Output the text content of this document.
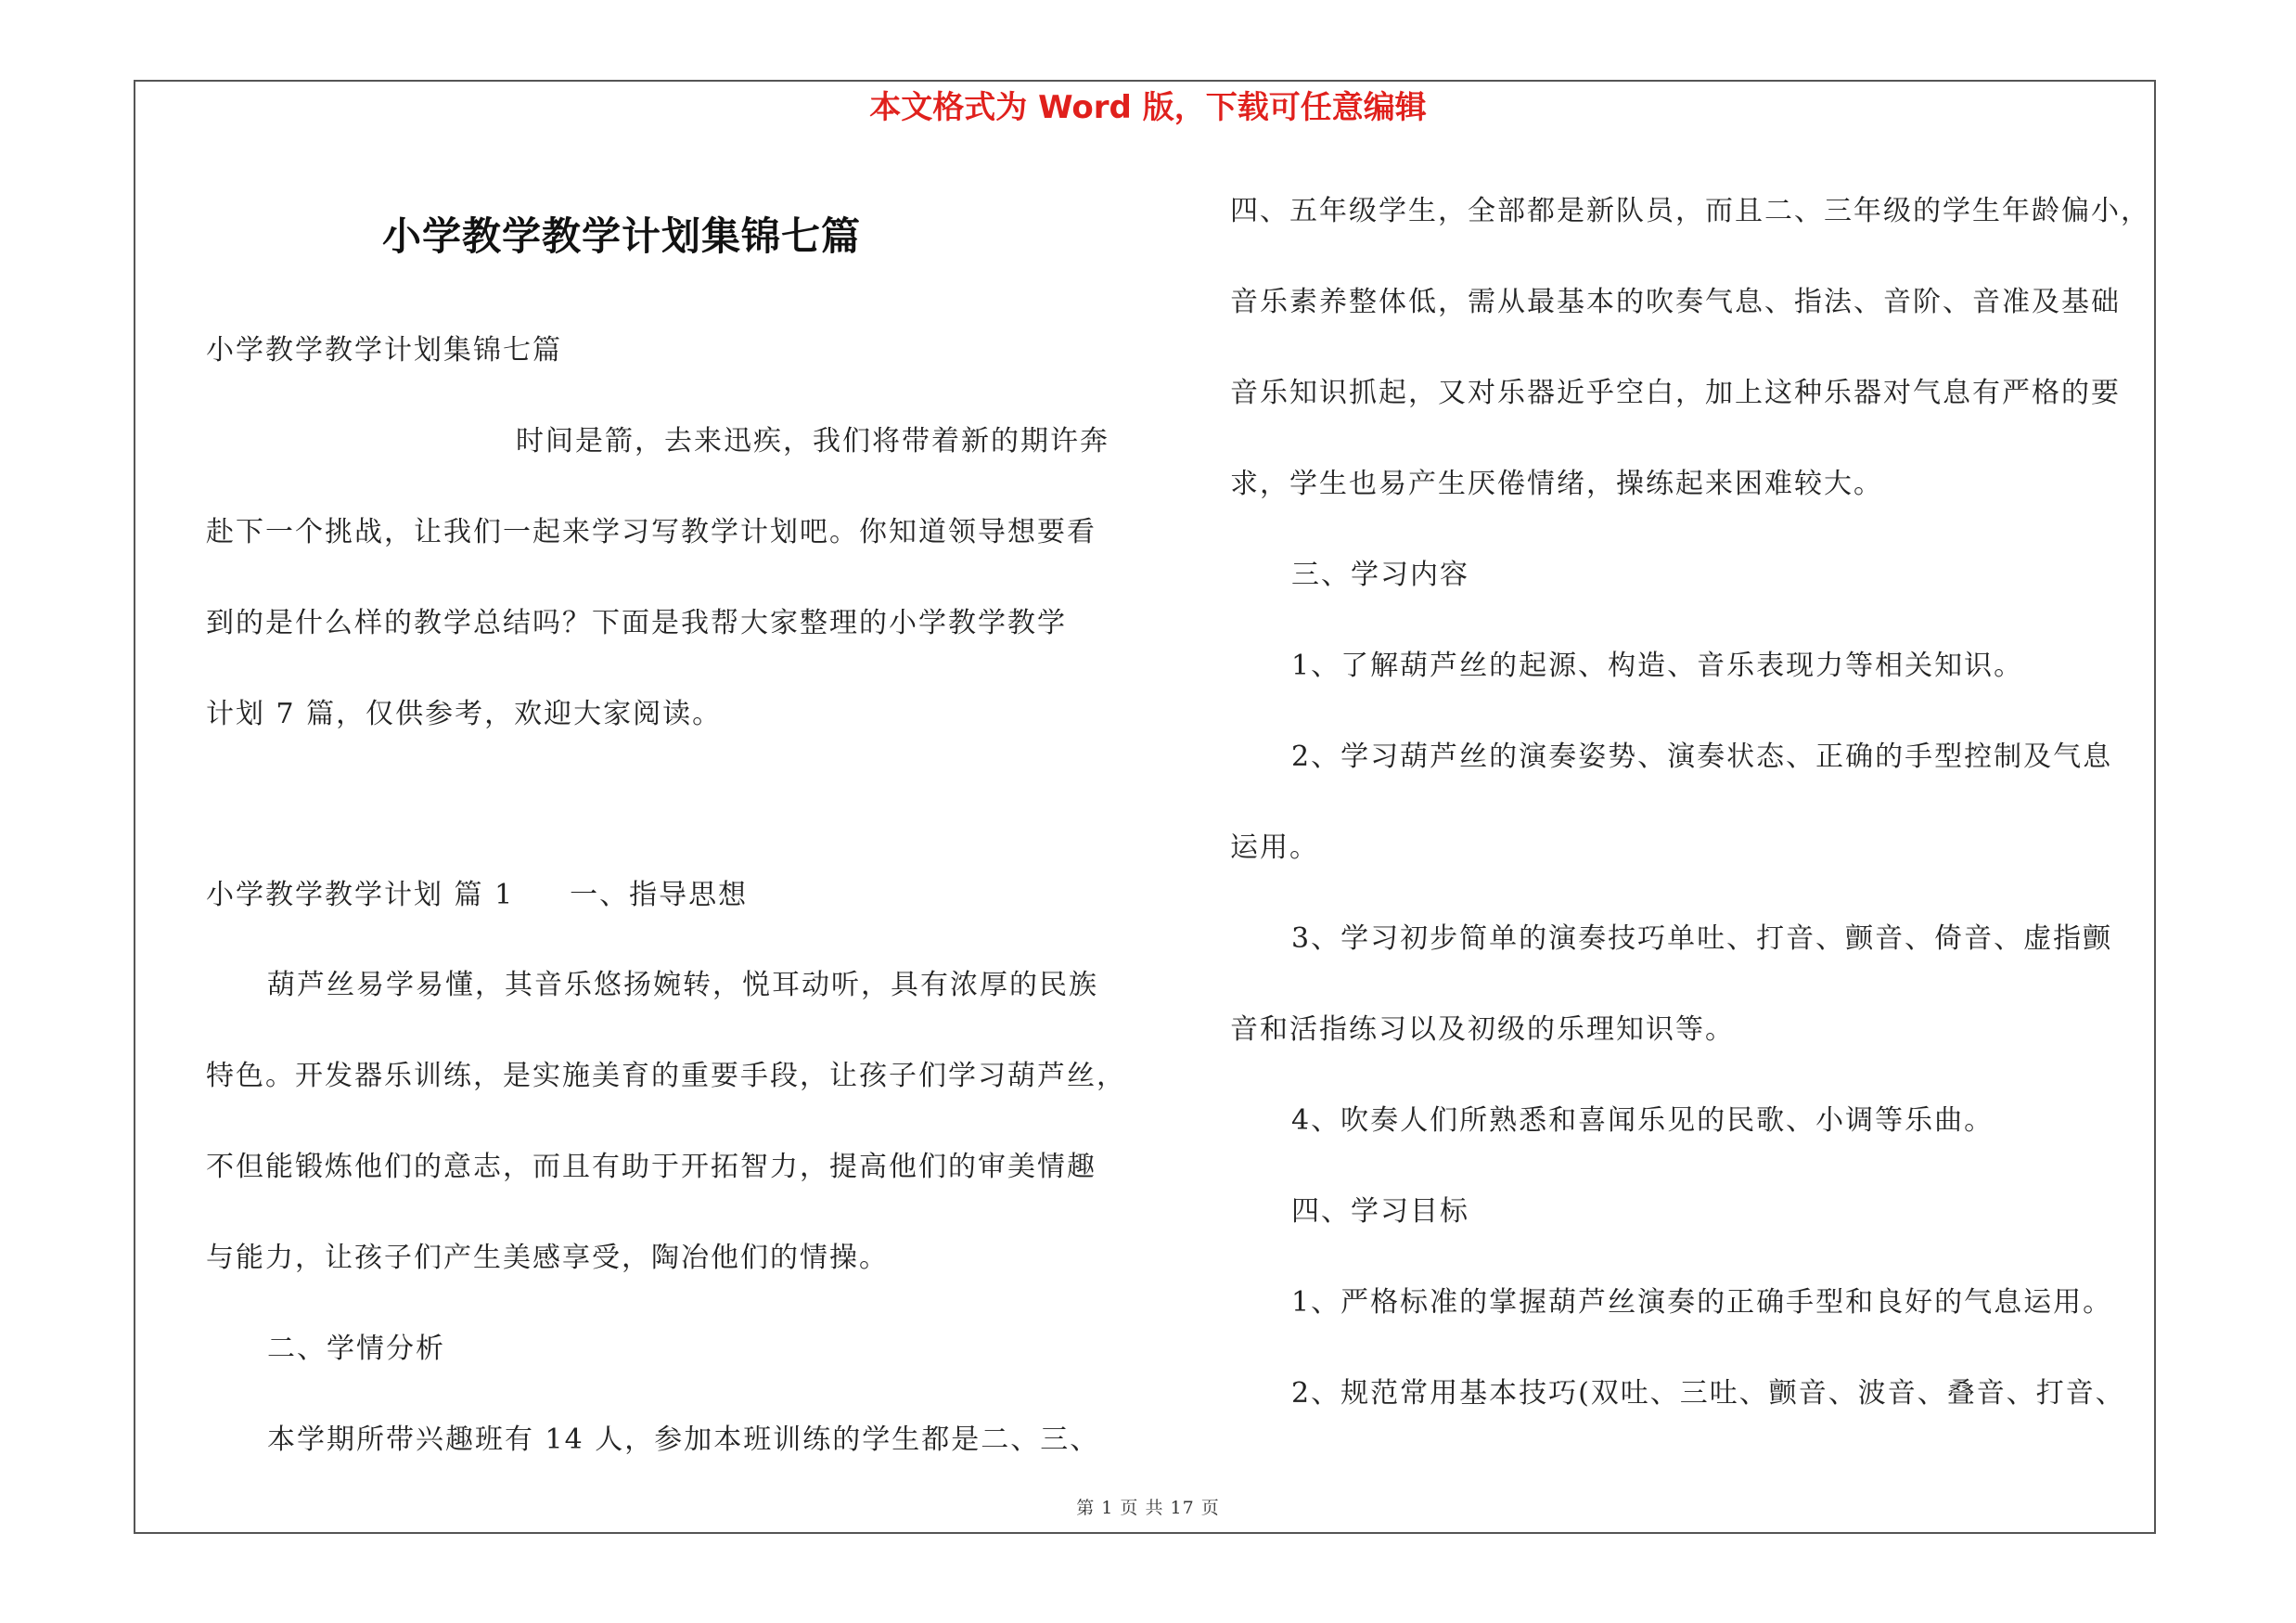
本文格式为 Word 版，下载可任意编辑
小学教学教学计划集锦七篇
小学教学教学计划集锦七篇
时间是箭，去来迅疾，我们将带着新的期许奔
赴下一个挑战，让我们一起来学习写教学计划吧。你知道领导想要看
到的是什么样的教学总结吗？下面是我帮大家整理的小学教学教学
计划 7 篇，仅供参考，欢迎大家阅读。
小学教学教学计划 篇 1 一、指导思想
葫芦丝易学易懂，其音乐悠扬婉转，悦耳动听，具有浓厚的民族
特色。开发器乐训练，是实施美育的重要手段，让孩子们学习葫芦丝，
不但能锻炼他们的意志，而且有助于开拓智力，提高他们的审美情趣
与能力，让孩子们产生美感享受，陶冶他们的情操。
二、学情分析
本学期所带兴趣班有 14 人，参加本班训练的学生都是二、三、
四、五年级学生，全部都是新队员，而且二、三年级的学生年龄偏小，
音乐素养整体低，需从最基本的吹奏气息、指法、音阶、音准及基础
音乐知识抓起，又对乐器近乎空白，加上这种乐器对气息有严格的要
求，学生也易产生厌倦情绪，操练起来困难较大。
三、学习内容
1、了解葫芦丝的起源、构造、音乐表现力等相关知识。
2、学习葫芦丝的演奏姿势、演奏状态、正确的手型控制及气息
运用。
3、学习初步简单的演奏技巧单吐、打音、颤音、倚音、虚指颤
音和活指练习以及初级的乐理知识等。
4、吹奏人们所熟悉和喜闻乐见的民歌、小调等乐曲。
四、学习目标
1、严格标准的掌握葫芦丝演奏的正确手型和良好的气息运用。
2、规范常用基本技巧(双吐、三吐、颤音、波音、叠音、打音、
第 1 页 共 17 页
